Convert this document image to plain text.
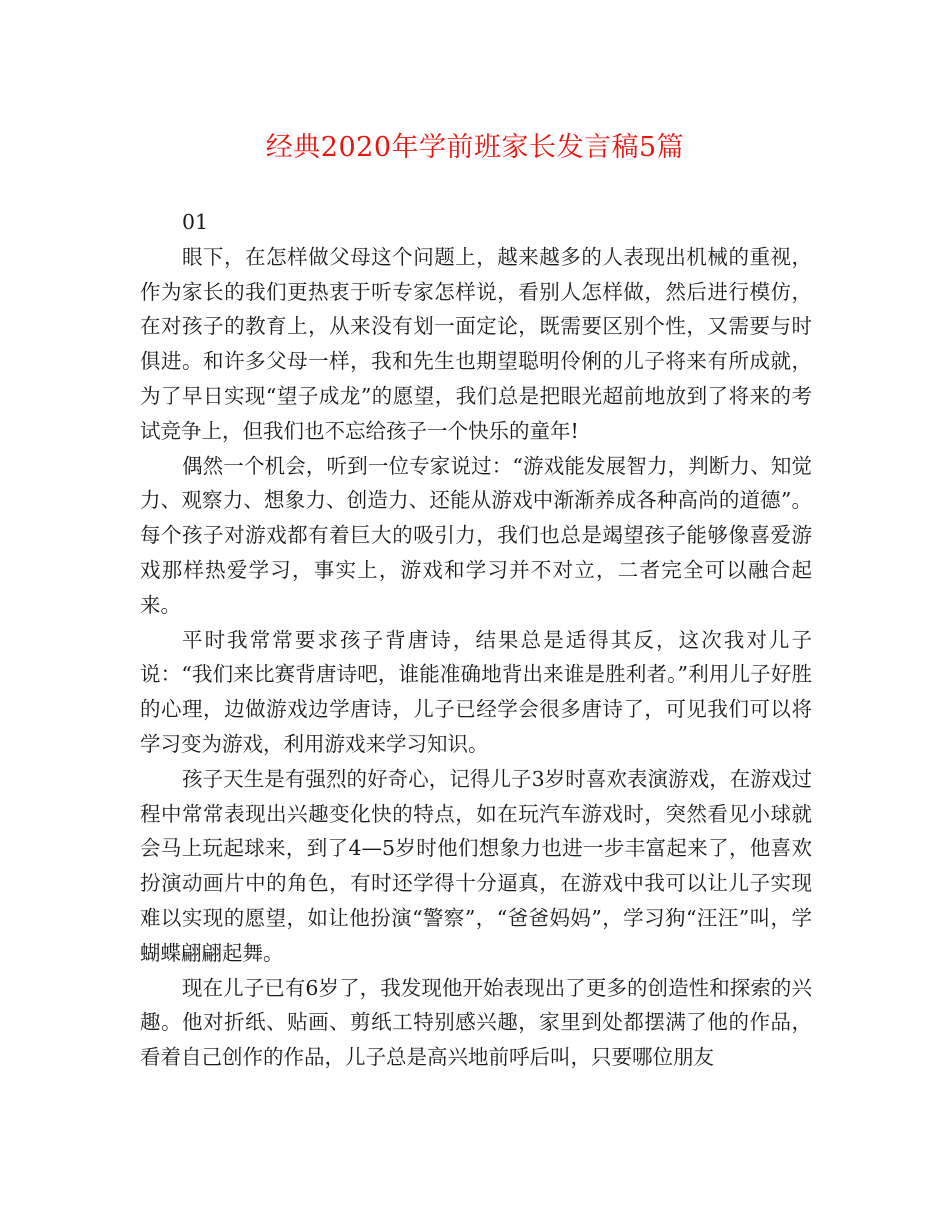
经典2020年学前班家长发言稿5篇

01

眼下，在怎样做父母这个问题上，越来越多的人表现出机械的重视，作为家长的我们更热衷于听专家怎样说，看别人怎样做，然后进行模仿，在对孩子的教育上，从来没有划一面定论，既需要区别个性，又需要与时俱进。和许多父母一样，我和先生也期望聪明伶俐的儿子将来有所成就，为了早日实现“望子成龙”的愿望，我们总是把眼光超前地放到了将来的考试竞争上，但我们也不忘给孩子一个快乐的童年!

偶然一个机会，听到一位专家说过：“游戏能发展智力，判断力、知觉力、观察力、想象力、创造力、还能从游戏中渐渐养成各种高尚的道德”。每个孩子对游戏都有着巨大的吸引力，我们也总是竭望孩子能够像喜爱游戏那样热爱学习，事实上，游戏和学习并不对立，二者完全可以融合起来。

平时我常常要求孩子背唐诗，结果总是适得其反，这次我对儿子说：“我们来比赛背唐诗吧，谁能准确地背出来谁是胜利者。”利用儿子好胜的心理，边做游戏边学唐诗，儿子已经学会很多唐诗了，可见我们可以将学习变为游戏，利用游戏来学习知识。

孩子天生是有强烈的好奇心，记得儿子3岁时喜欢表演游戏，在游戏过程中常常表现出兴趣变化快的特点，如在玩汽车游戏时，突然看见小球就会马上玩起球来，到了4—5岁时他们想象力也进一步丰富起来了，他喜欢扮演动画片中的角色，有时还学得十分逼真，在游戏中我可以让儿子实现难以实现的愿望，如让他扮演“警察”，“爸爸妈妈”，学习狗“汪汪”叫，学蝴蝶翩翩起舞。

现在儿子已有6岁了，我发现他开始表现出了更多的创造性和探索的兴趣。他对折纸、贴画、剪纸工特别感兴趣，家里到处都摆满了他的作品，看着自己创作的作品，儿子总是高兴地前呼后叫，只要哪位朋友
